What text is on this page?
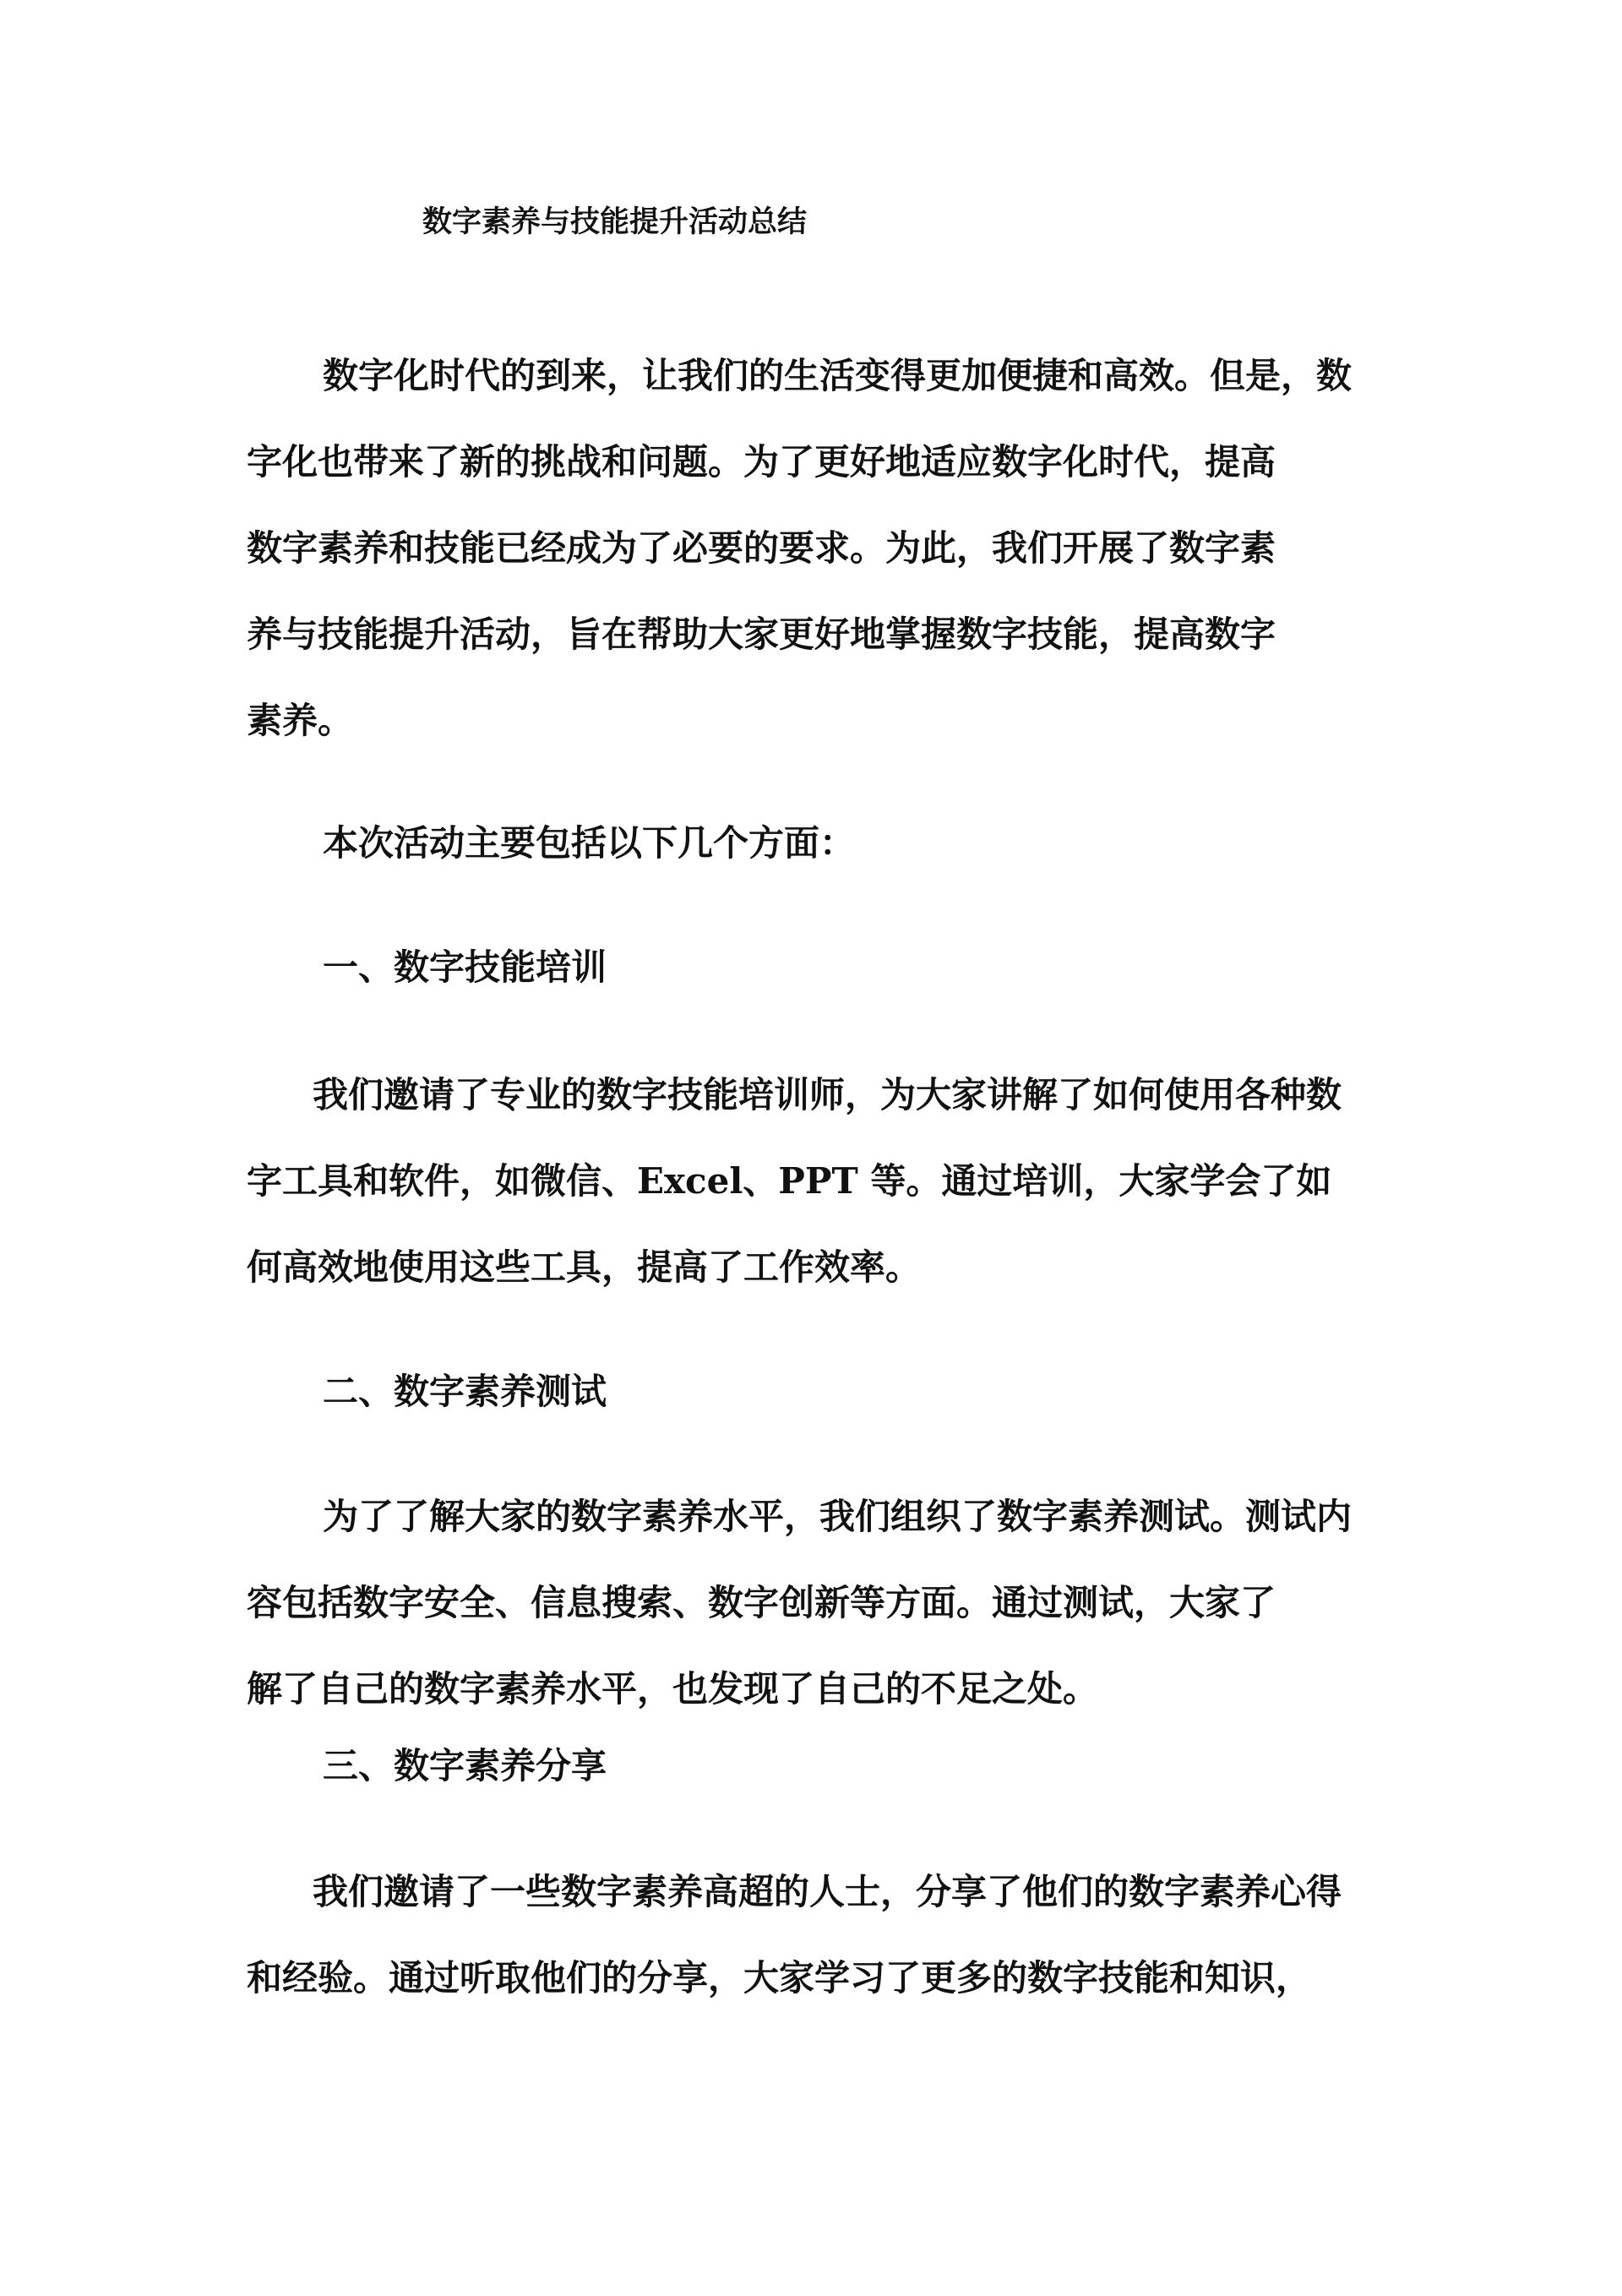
数字素养与技能提升活动总结
数字化时代的到来，让我们的生活变得更加便捷和高效。但是，数
字化也带来了新的挑战和问题。为了更好地适应数字化时代，提高
数字素养和技能已经成为了必要的要求。为此，我们开展了数字素
养与技能提升活动，旨在帮助大家更好地掌握数字技能，提高数字
素养。
本次活动主要包括以下几个方面：
一、数字技能培训
我们邀请了专业的数字技能培训师，为大家讲解了如何使用各种数
字工具和软件，如微信、Excel、PPT 等。通过培训，大家学会了如
何高效地使用这些工具，提高了工作效率。
二、数字素养测试
为了了解大家的数字素养水平，我们组织了数字素养测试。测试内
容包括数字安全、信息搜索、数字创新等方面。通过测试，大家了
解了自己的数字素养水平，也发现了自己的不足之处。
三、数字素养分享
我们邀请了一些数字素养高超的人士，分享了他们的数字素养心得
和经验。通过听取他们的分享，大家学习了更多的数字技能和知识，
